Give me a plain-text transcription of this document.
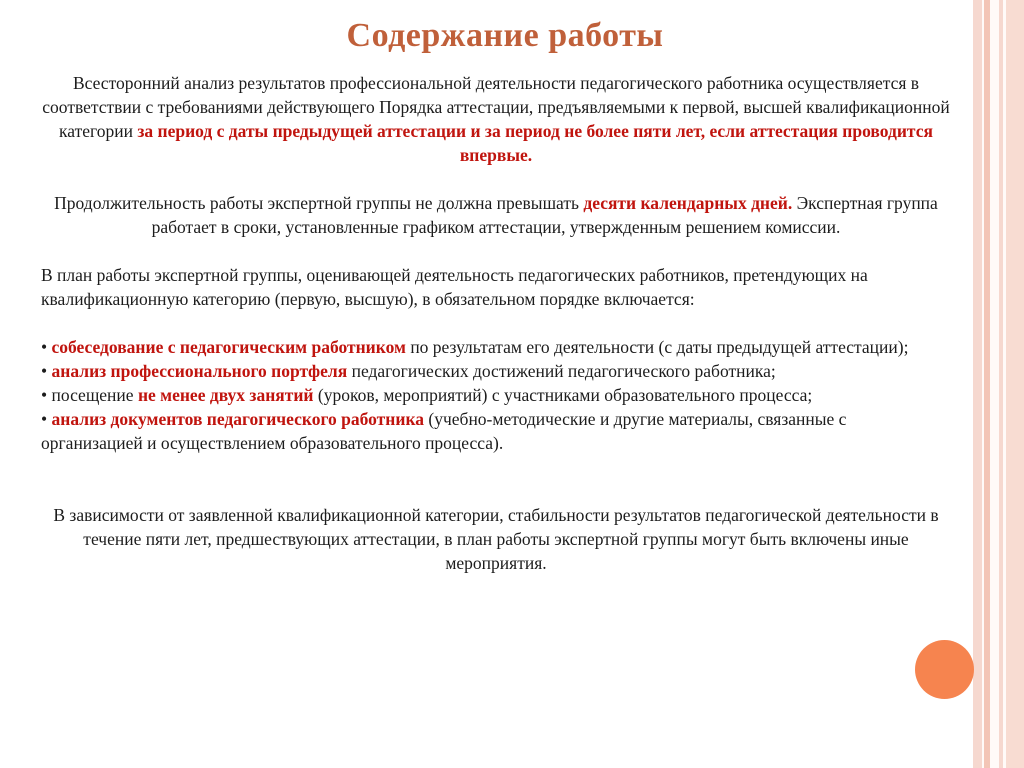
Содержание работы

Всесторонний анализ результатов профессиональной деятельности педагогического работника осуществляется в соответствии с требованиями действующего Порядка аттестации, предъявляемыми к первой, высшей квалификационной категории за период с даты предыдущей аттестации и за период не более пяти лет, если аттестация проводится впервые.

Продолжительность работы экспертной группы не должна превышать десяти календарных дней. Экспертная группа работает в сроки, установленные графиком аттестации, утвержденным решением комиссии.

В план работы экспертной группы, оценивающей деятельность педагогических работников, претендующих на квалификационную категорию (первую, высшую), в обязательном порядке включается:

• собеседование с педагогическим работником по результатам его деятельности (с даты предыдущей аттестации);

• анализ профессионального портфеля педагогических достижений педагогического работника;

• посещение не менее двух занятий (уроков, мероприятий) с участниками образовательного процесса;

• анализ документов педагогического работника (учебно-методические и другие материалы, связанные с организацией и осуществлением образовательного процесса).

В зависимости от заявленной квалификационной категории, стабильности результатов педагогической деятельности в течение пяти лет, предшествующих аттестации, в план работы экспертной группы могут быть включены иные мероприятия.
